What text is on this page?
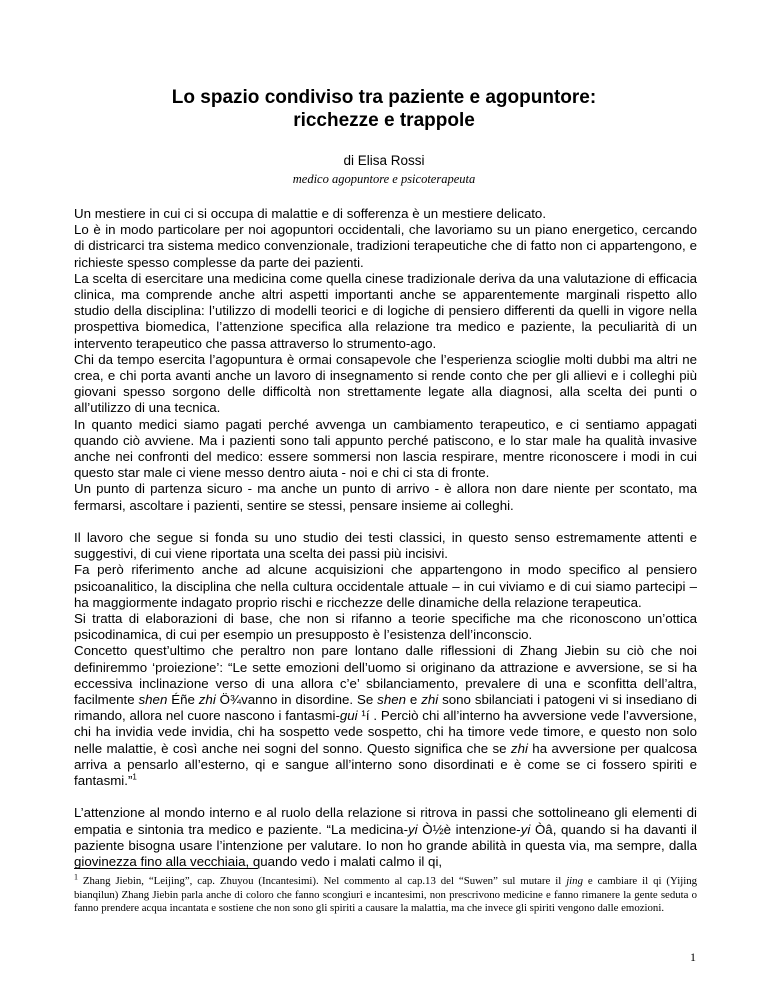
Lo spazio condiviso tra paziente e agopuntore:
ricchezze e trappole
di Elisa Rossi
medico agopuntore e psicoterapeuta

Un mestiere in cui ci si occupa di malattie e di sofferenza è un mestiere delicato.
Lo è in modo particolare per noi agopuntori occidentali, che lavoriamo su un piano energetico, cercando di districarci tra sistema medico convenzionale, tradizioni terapeutiche che di fatto non ci appartengono, e richieste spesso complesse da parte dei pazienti.
La scelta di esercitare una medicina come quella cinese tradizionale deriva da una valutazione di efficacia clinica, ma comprende anche altri aspetti importanti anche se apparentemente marginali rispetto allo studio della disciplina: l’utilizzo di modelli teorici e di logiche di pensiero differenti da quelli in vigore nella prospettiva biomedica, l’attenzione specifica alla relazione tra medico e paziente, la peculiarità di un intervento terapeutico che passa attraverso lo strumento-ago.
Chi da tempo esercita l’agopuntura è ormai consapevole che l’esperienza scioglie molti dubbi ma altri ne crea, e chi porta avanti anche un lavoro di insegnamento si rende conto che per gli allievi e i colleghi più giovani spesso sorgono delle difficoltà non strettamente legate alla diagnosi, alla scelta dei punti o all’utilizzo di una tecnica.
In quanto medici siamo pagati perché avvenga un cambiamento terapeutico, e ci sentiamo appagati quando ciò avviene. Ma i pazienti sono tali appunto perché patiscono, e lo star male ha qualità invasive anche nei confronti del medico: essere sommersi non lascia respirare, mentre riconoscere i modi in cui questo star male ci viene messo dentro aiuta - noi e chi ci sta di fronte.
Un punto di partenza sicuro - ma anche un punto di arrivo - è allora non dare niente per scontato, ma fermarsi, ascoltare i pazienti, sentire se stessi, pensare insieme ai colleghi.

Il lavoro che segue si fonda su uno studio dei testi classici, in questo senso estremamente attenti e suggestivi, di cui viene riportata una scelta dei passi più incisivi.
Fa però riferimento anche ad alcune acquisizioni che appartengono in modo specifico al pensiero psicoanalitico, la disciplina che nella cultura occidentale attuale – in cui viviamo e di cui siamo partecipi – ha maggiormente indagato proprio rischi e ricchezze delle dinamiche della relazione terapeutica.
Si tratta di elaborazioni di base, che non si rifanno a teorie specifiche ma che riconoscono un’ottica psicodinamica, di cui per esempio un presupposto è l’esistenza dell’inconscio.
Concetto quest’ultimo che peraltro non pare lontano dalle riflessioni di Zhang Jiebin su ciò che noi definiremmo ‘proiezione’: “Le sette emozioni dell’uomo si originano da attrazione e avversione, se si ha eccessiva inclinazione verso di una allora c’e’ sbilanciamento, prevalere di una e sconfitta dell’altra, facilmente shen Éñe zhi Ö¾vanno in disordine. Se shen e zhi sono sbilanciati i patogeni vi si insediano di rimando, allora nel cuore nascono i fantasmi-gui ¹í . Perciò chi all’interno ha avversione vede l’avversione, chi ha invidia vede invidia, chi ha sospetto vede sospetto, chi ha timore vede timore, e questo non solo nelle malattie, è così anche nei sogni del sonno. Questo significa che se zhi ha avversione per qualcosa arriva a pensarlo all’esterno, qi e sangue all’interno sono disordinati e è come se ci fossero spiriti e fantasmi.”$^1$

L’attenzione al mondo interno e al ruolo della relazione si ritrova in passi che sottolineano gli elementi di empatia e sintonia tra medico e paziente. “La medicina-yi Ò½è intenzione-yi Òâ, quando si ha davanti il paziente bisogna usare l’intenzione per valutare. Io non ho grande abilità in questa via, ma sempre, dalla giovinezza fino alla vecchiaia, quando vedo i malati calmo il qi,

$^1$ Zhang Jiebin, “Leijing”, cap. Zhuyou (Incantesimi). Nel commento al cap.13 del “Suwen” sul mutare il jing e cambiare il qi (Yijing bianqilun) Zhang Jiebin parla anche di coloro che fanno scongiuri e incantesimi, non prescrivono medicine e fanno rimanere la gente seduta o fanno prendere acqua incantata e sostiene che non sono gli spiriti a causare la malattia, ma che invece gli spiriti vengono dalle emozioni.
1
